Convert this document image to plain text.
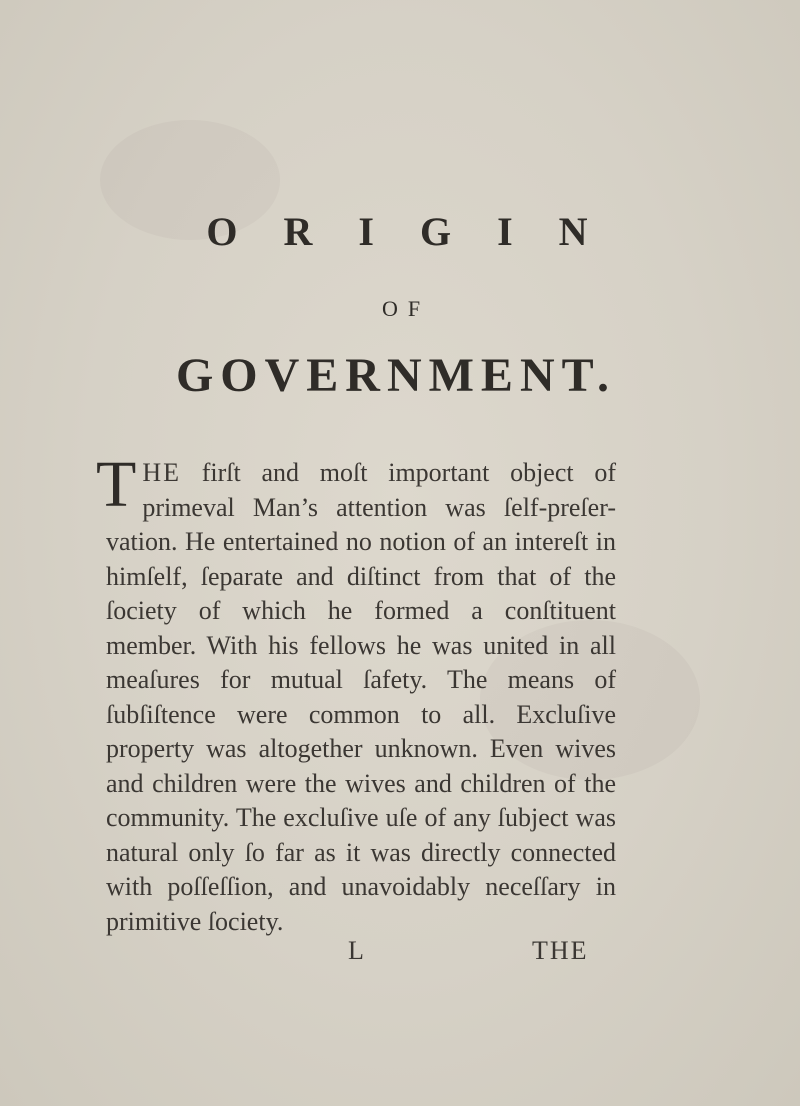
ORIGIN
OF
GOVERNMENT.

THE firſt and moſt important object of primeval Man’s attention was ſelf-preſer-vation. He entertained no notion of an intereſt in himſelf, ſeparate and diſtinct from that of the ſociety of which he formed a conſtituent member. With his fellows he was united in all meaſures for mutual ſafety. The means of ſubſiſtence were common to all. Excluſive property was altogether unknown. Even wives and children were the wives and children of the community. The excluſive uſe of any ſubject was natural only ſo far as it was directly connected with poſſeſſion, and unavoidably neceſſary in primitive ſociety.

L	THE
